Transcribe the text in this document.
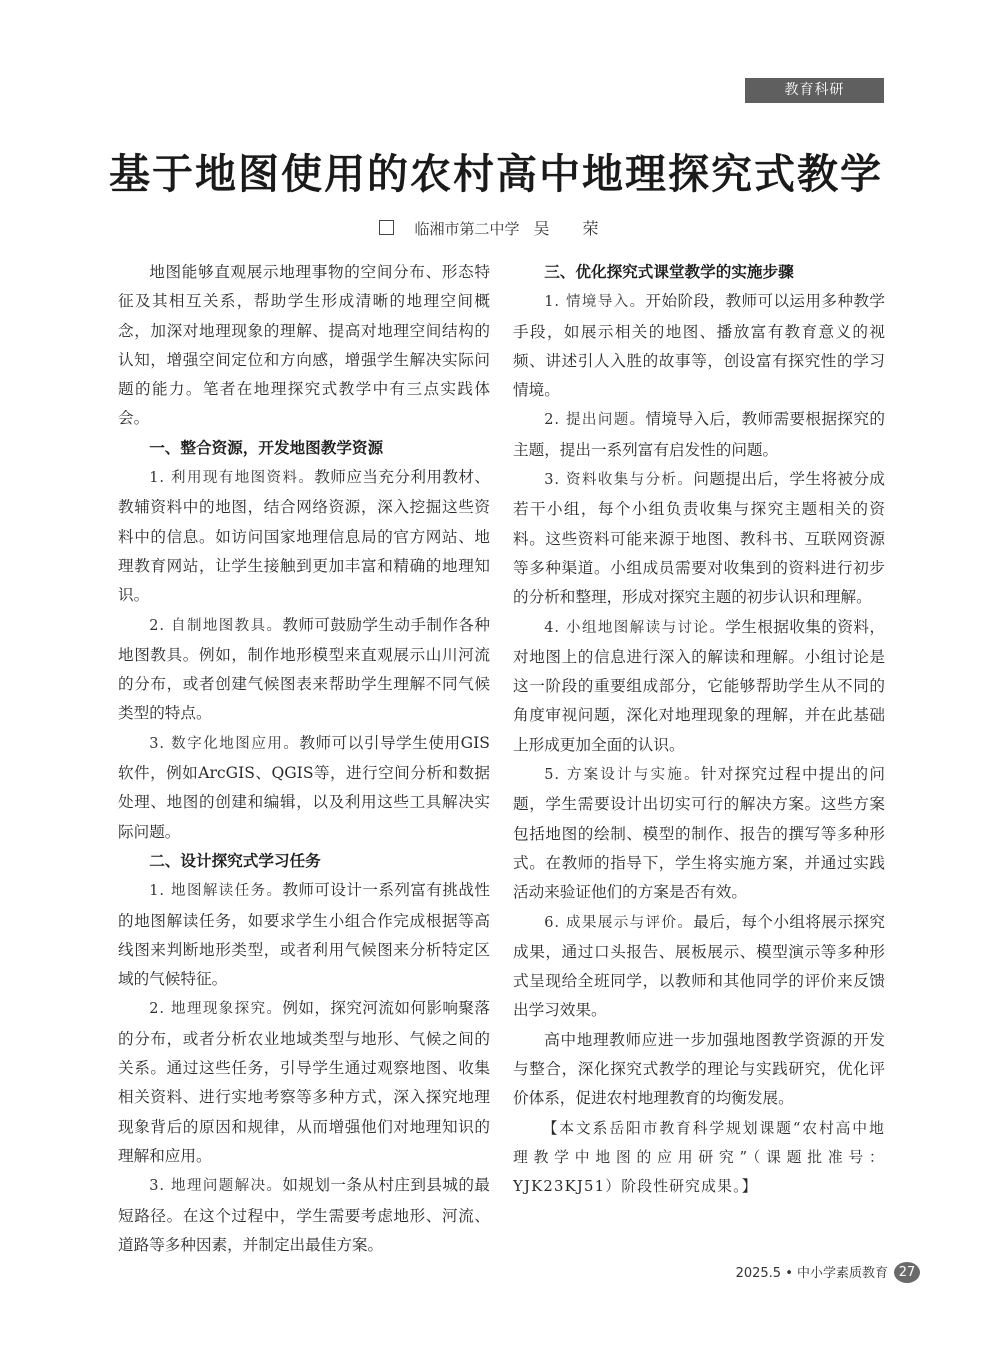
教育科研
基于地图使用的农村高中地理探究式教学
临湘市第二中学 吴 荣

地图能够直观展示地理事物的空间分布、形态特征及其相互关系，帮助学生形成清晰的地理空间概念，加深对地理现象的理解、提高对地理空间结构的认知，增强空间定位和方向感，增强学生解决实际问题的能力。笔者在地理探究式教学中有三点实践体会。

一、整合资源，开发地图教学资源

1. 利用现有地图资料。教师应当充分利用教材、教辅资料中的地图，结合网络资源，深入挖掘这些资料中的信息。如访问国家地理信息局的官方网站、地理教育网站，让学生接触到更加丰富和精确的地理知识。

2. 自制地图教具。教师可鼓励学生动手制作各种地图教具。例如，制作地形模型来直观展示山川河流的分布，或者创建气候图表来帮助学生理解不同气候类型的特点。

3. 数字化地图应用。教师可以引导学生使用GIS软件，例如ArcGIS、QGIS等，进行空间分析和数据处理、地图的创建和编辑，以及利用这些工具解决实际问题。

二、设计探究式学习任务

1. 地图解读任务。教师可设计一系列富有挑战性的地图解读任务，如要求学生小组合作完成根据等高线图来判断地形类型，或者利用气候图来分析特定区域的气候特征。

2. 地理现象探究。例如，探究河流如何影响聚落的分布，或者分析农业地域类型与地形、气候之间的关系。通过这些任务，引导学生通过观察地图、收集相关资料、进行实地考察等多种方式，深入探究地理现象背后的原因和规律，从而增强他们对地理知识的理解和应用。

3. 地理问题解决。如规划一条从村庄到县城的最短路径。在这个过程中，学生需要考虑地形、河流、道路等多种因素，并制定出最佳方案。

三、优化探究式课堂教学的实施步骤

1. 情境导入。开始阶段，教师可以运用多种教学手段，如展示相关的地图、播放富有教育意义的视频、讲述引人入胜的故事等，创设富有探究性的学习情境。

2. 提出问题。情境导入后，教师需要根据探究的主题，提出一系列富有启发性的问题。

3. 资料收集与分析。问题提出后，学生将被分成若干小组，每个小组负责收集与探究主题相关的资料。这些资料可能来源于地图、教科书、互联网资源等多种渠道。小组成员需要对收集到的资料进行初步的分析和整理，形成对探究主题的初步认识和理解。

4. 小组地图解读与讨论。学生根据收集的资料，对地图上的信息进行深入的解读和理解。小组讨论是这一阶段的重要组成部分，它能够帮助学生从不同的角度审视问题，深化对地理现象的理解，并在此基础上形成更加全面的认识。

5. 方案设计与实施。针对探究过程中提出的问题，学生需要设计出切实可行的解决方案。这些方案包括地图的绘制、模型的制作、报告的撰写等多种形式。在教师的指导下，学生将实施方案，并通过实践活动来验证他们的方案是否有效。

6. 成果展示与评价。最后，每个小组将展示探究成果，通过口头报告、展板展示、模型演示等多种形式呈现给全班同学，以教师和其他同学的评价来反馈出学习效果。

高中地理教师应进一步加强地图教学资源的开发与整合，深化探究式教学的理论与实践研究，优化评价体系，促进农村地理教育的均衡发展。

【本文系岳阳市教育科学规划课题“农村高中地理教学中地图的应用研究”（课题批准号：YJK23KJ51）阶段性研究成果。】

2025.5 • 中小学素质教育 27
